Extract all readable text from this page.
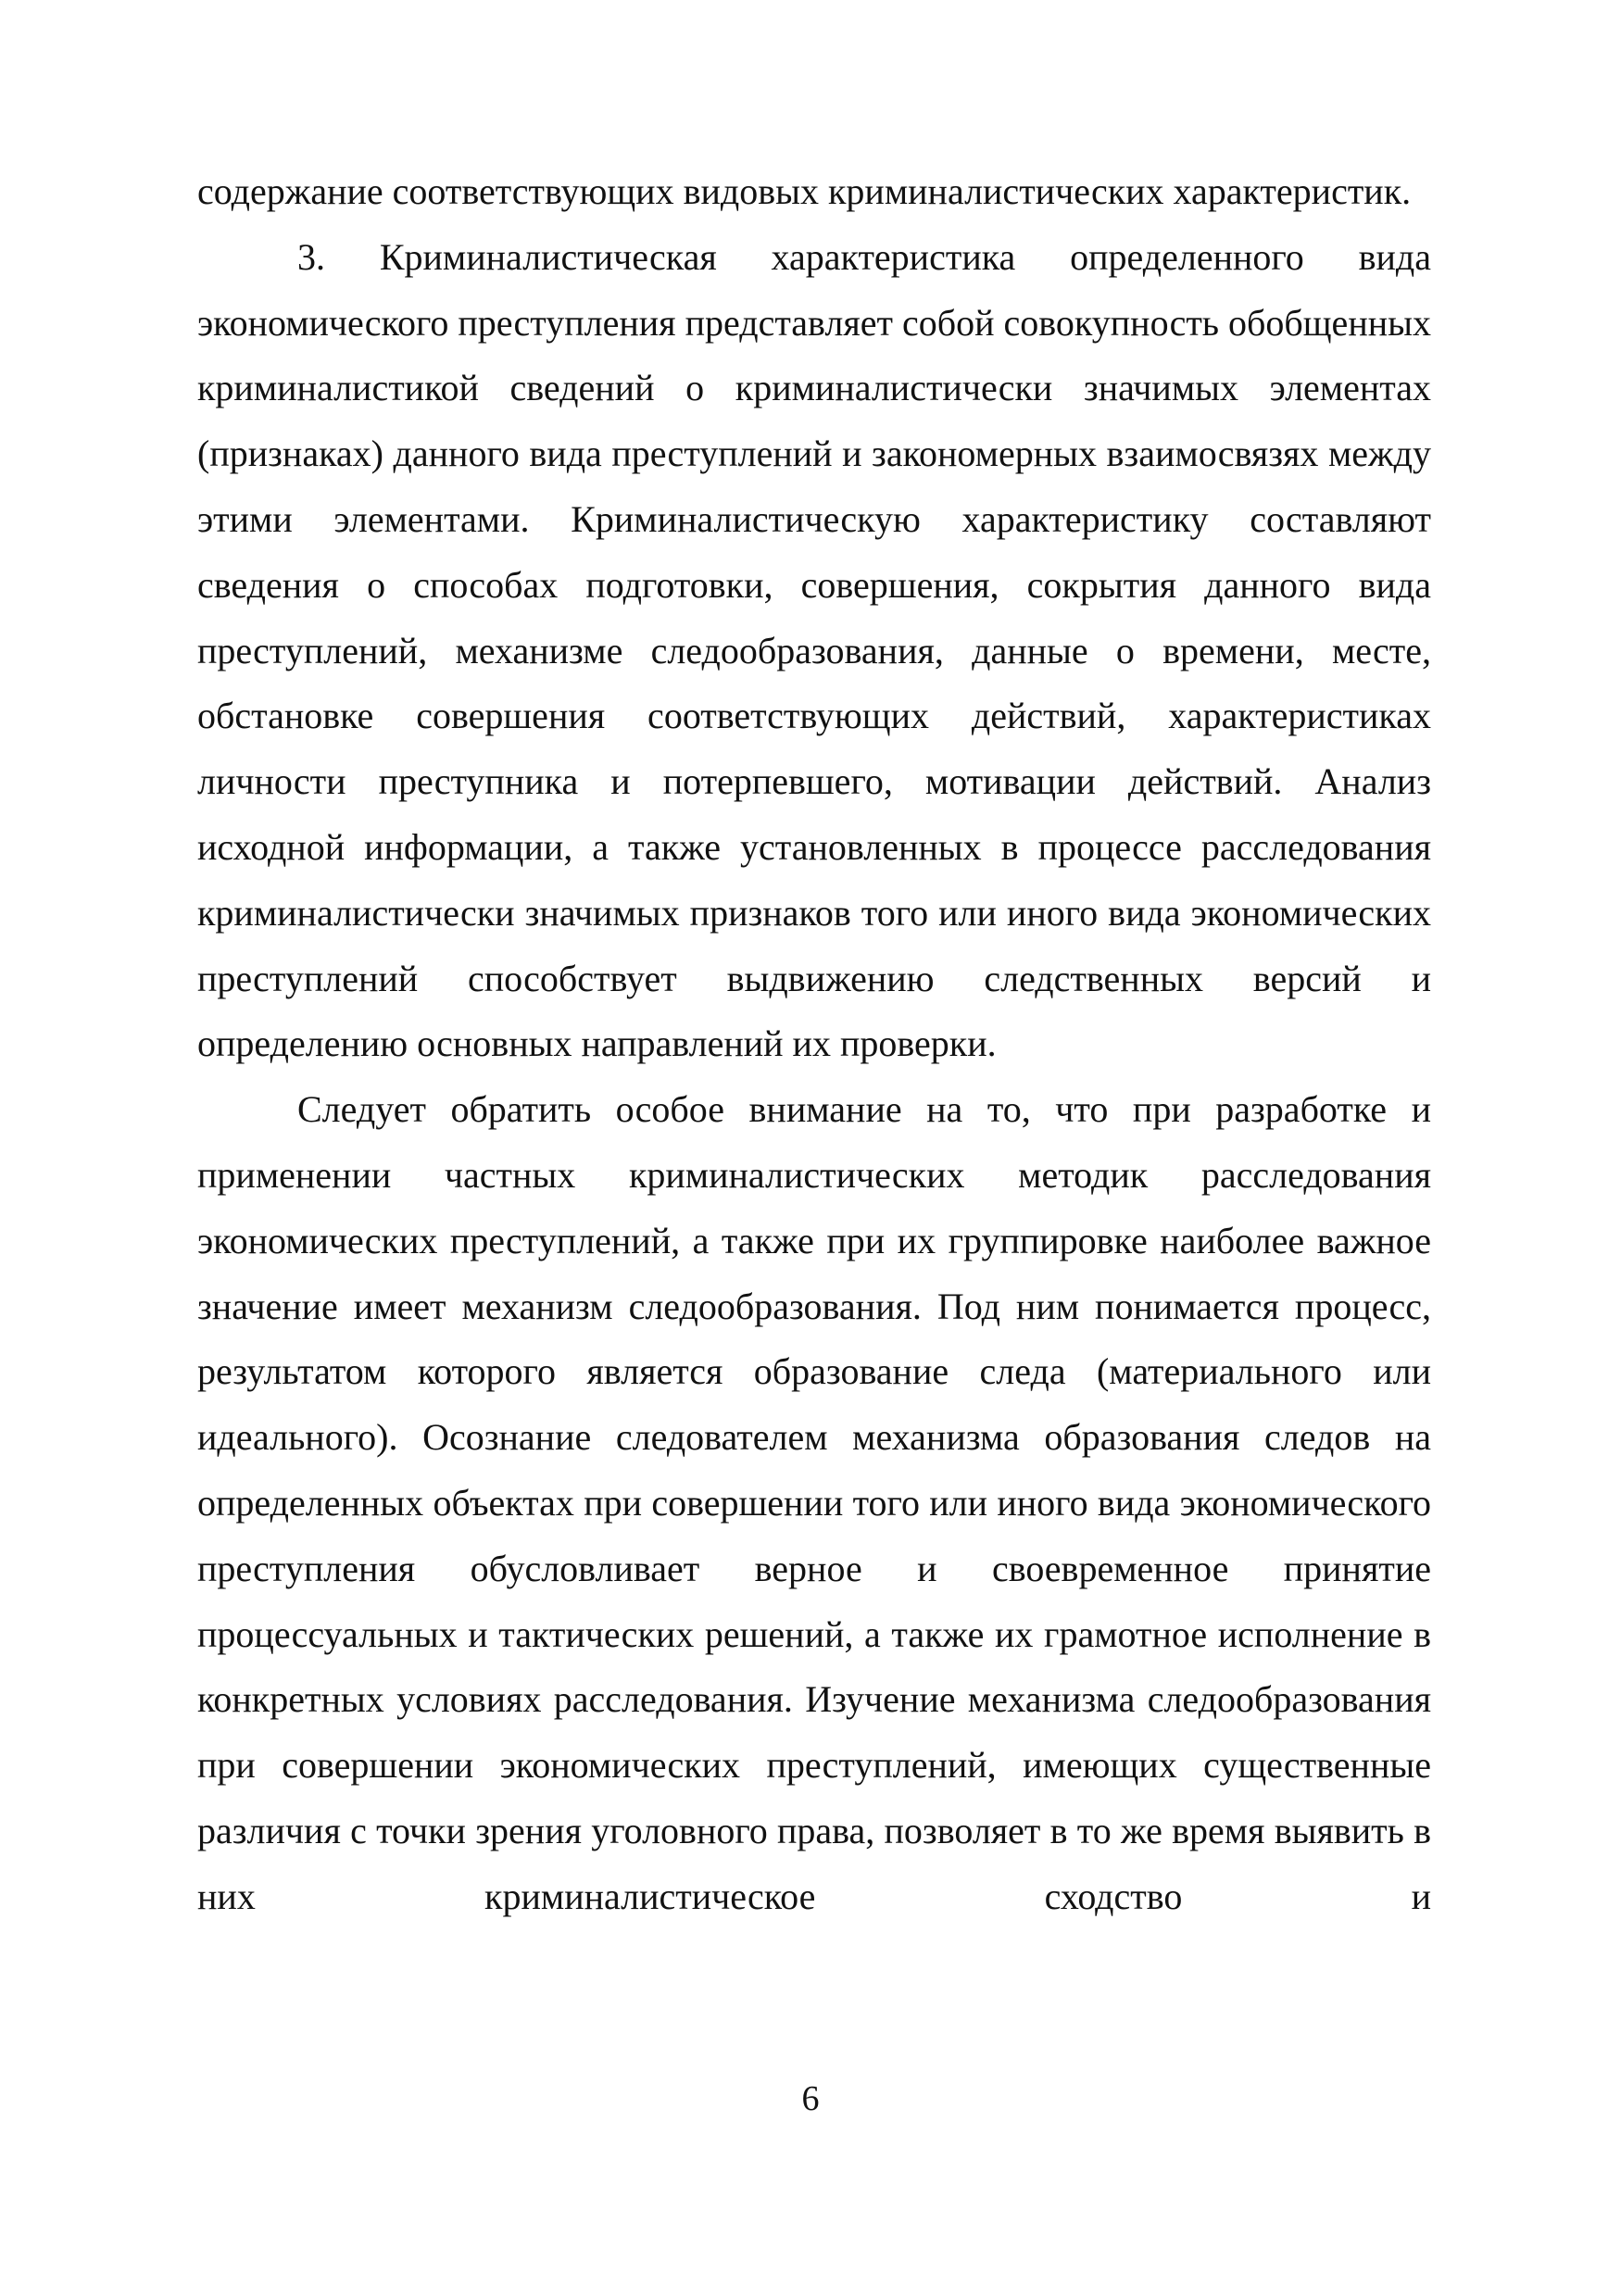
содержание соответствующих видовых криминалистических характеристик.

3. Криминалистическая характеристика определенного вида экономического преступления представляет собой совокупность обобщенных криминалистикой сведений о криминалистически значимых элементах (признаках) данного вида преступлений и закономерных взаимосвязях между этими элементами. Криминалистическую характеристику составляют сведения о способах подготовки, совершения, сокрытия данного вида преступлений, механизме следообразования, данные о времени, месте, обстановке совершения соответствующих действий, характеристиках личности преступника и потерпевшего, мотивации действий. Анализ исходной информации, а также установленных в процессе расследования криминалистически значимых признаков того или иного вида экономических преступлений способствует выдвижению следственных версий и определению основных направлений их проверки.

Следует обратить особое внимание на то, что при разработке и применении частных криминалистических методик расследования экономических преступлений, а также при их группировке наиболее важное значение имеет механизм следообразования. Под ним понимается процесс, результатом которого является образование следа (материального или идеального). Осознание следователем механизма образования следов на определенных объектах при совершении того или иного вида экономического преступления обусловливает верное и своевременное принятие процессуальных и тактических решений, а также их грамотное исполнение в конкретных условиях расследования. Изучение механизма следообразования при совершении экономических преступлений, имеющих существенные различия с точки зрения уголовного права, позволяет в то же время выявить в них криминалистическое сходство и

6
